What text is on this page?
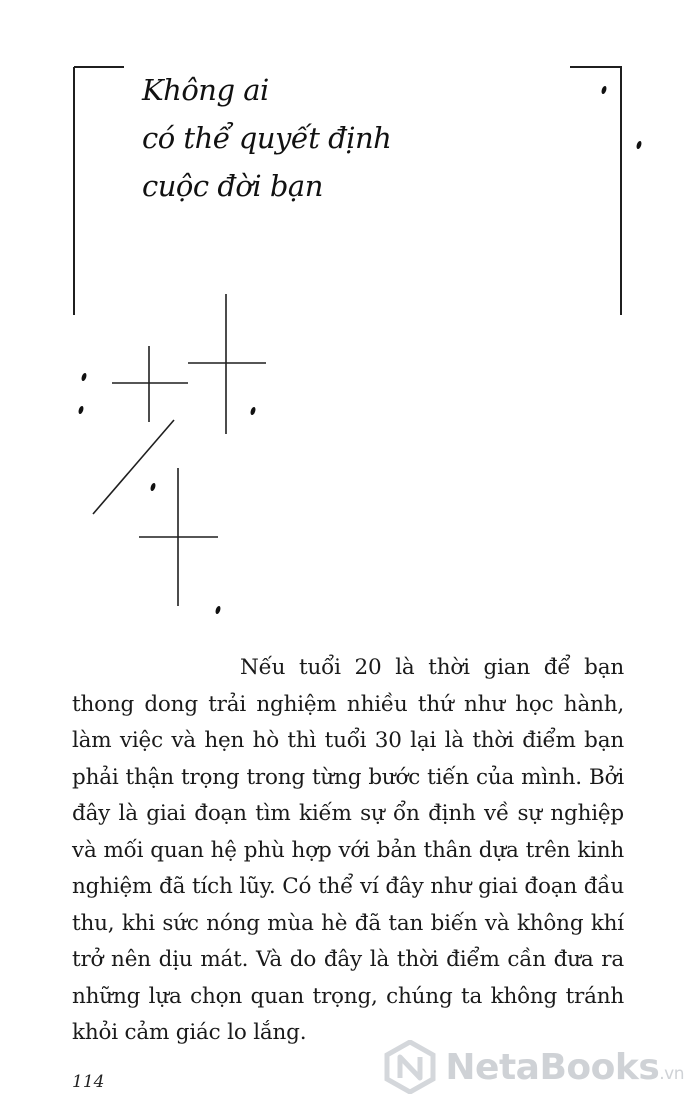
Không ai
có thể quyết định
cuộc đời bạn

Nếu tuổi 20 là thời gian để bạn thong dong trải nghiệm nhiều thứ như học hành, làm việc và hẹn hò thì tuổi 30 lại là thời điểm bạn phải thận trọng trong từng bước tiến của mình. Bởi đây là giai đoạn tìm kiếm sự ổn định về sự nghiệp và mối quan hệ phù hợp với bản thân dựa trên kinh nghiệm đã tích lũy. Có thể ví đây như giai đoạn đầu thu, khi sức nóng mùa hè đã tan biến và không khí trở nên dịu mát. Và do đây là thời điểm cần đưa ra những lựa chọn quan trọng, chúng ta không tránh khỏi cảm giác lo lắng.

114	NetaBooks.vn
